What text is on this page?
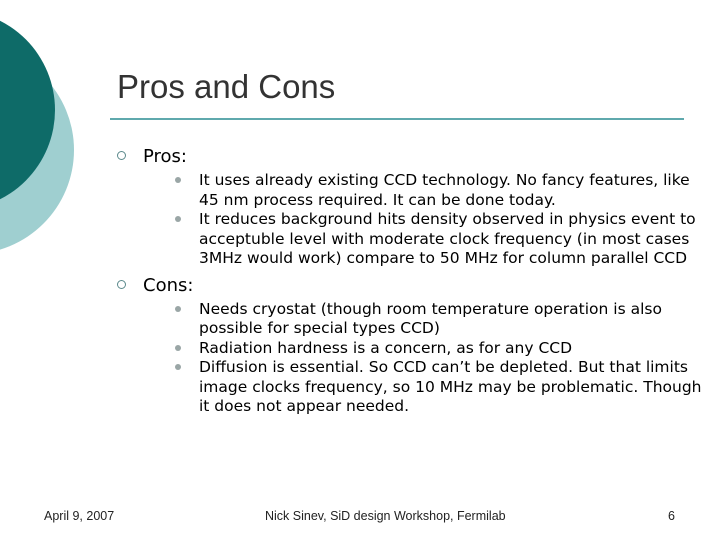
Pros and Cons
Pros:
It uses already existing CCD technology. No fancy features, like 45 nm process required. It can be done today.
It reduces background hits density observed in physics event to acceptuble level with moderate clock frequency (in most cases 3MHz would work) compare to 50 MHz for column parallel CCD
Cons:
Needs cryostat (though room temperature operation is also possible for special types CCD)
Radiation hardness is a concern, as for any CCD
Diffusion is essential. So CCD can’t be depleted. But that limits image clocks frequency, so 10 MHz may be problematic. Though it does not appear needed.
April 9, 2007	Nick Sinev, SiD design Workshop, Fermilab	6
